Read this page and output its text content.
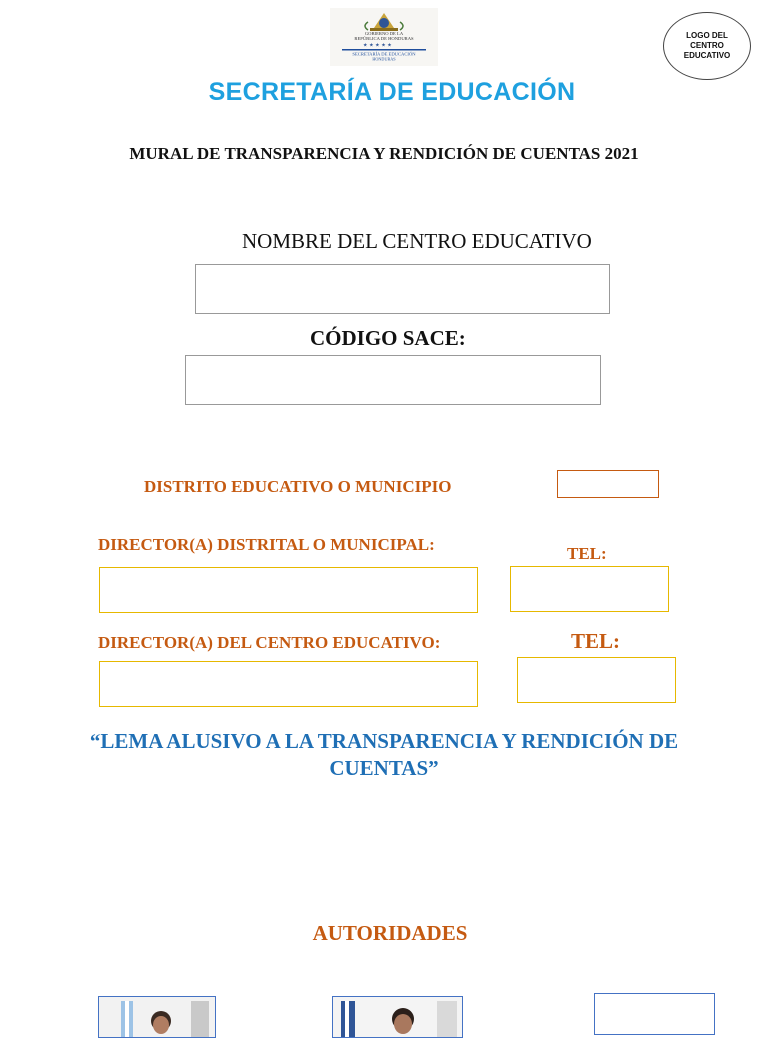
GOBIERNO DE LA
REPÚBLICA DE HONDURAS
★ ★ ★ ★ ★
SECRETARÍA DE EDUCACIÓN
HONDURAS
LOGO DEL CENTRO EDUCATIVO
SECRETARÍA DE EDUCACIÓN
MURAL DE TRANSPARENCIA Y RENDICIÓN DE CUENTAS 2021
NOMBRE DEL CENTRO EDUCATIVO
CÓDIGO SACE:
DISTRITO EDUCATIVO O MUNICIPIO
DIRECTOR(A) DISTRITAL O MUNICIPAL:	TEL:
DIRECTOR(A) DEL CENTRO EDUCATIVO:	TEL:
“LEMA ALUSIVO A LA TRANSPARENCIA Y RENDICIÓN DE CUENTAS”
AUTORIDADES
